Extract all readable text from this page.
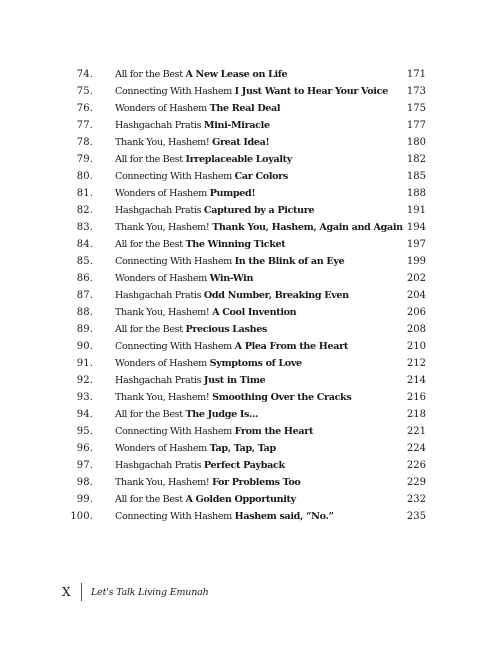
74. All for the Best A New Lease on Life	171
75. Connecting With Hashem I Just Want to Hear Your Voice 173
76. Wonders of Hashem The Real Deal	175
77. Hashgachah Pratis Mini-Miracle	177
78. Thank You, Hashem! Great Idea!	180
79. All for the Best Irreplaceable Loyalty	182
80. Connecting With Hashem Car Colors	185
81. Wonders of Hashem Pumped!	188
82. Hashgachah Pratis Captured by a Picture	191
83. Thank You, Hashem! Thank You, Hashem, Again and Again 194
84. All for the Best The Winning Ticket	197
85. Connecting With Hashem In the Blink of an Eye	199
86. Wonders of Hashem Win-Win	202
87. Hashgachah Pratis Odd Number, Breaking Even	204
88. Thank You, Hashem! A Cool Invention	206
89. All for the Best Precious Lashes	208
90. Connecting With Hashem A Plea From the Heart	210
91. Wonders of Hashem Symptoms of Love	212
92. Hashgachah Pratis Just in Time	214
93. Thank You, Hashem! Smoothing Over the Cracks	216
94. All for the Best The Judge Is...	218
95. Connecting With Hashem From the Heart	221
96. Wonders of Hashem Tap, Tap, Tap	224
97. Hashgachah Pratis Perfect Payback	226
98. Thank You, Hashem! For Problems Too	229
99. All for the Best A Golden Opportunity	232
100. Connecting With Hashem Hashem said, “No.”	235
X Let's Talk Living Emunah
